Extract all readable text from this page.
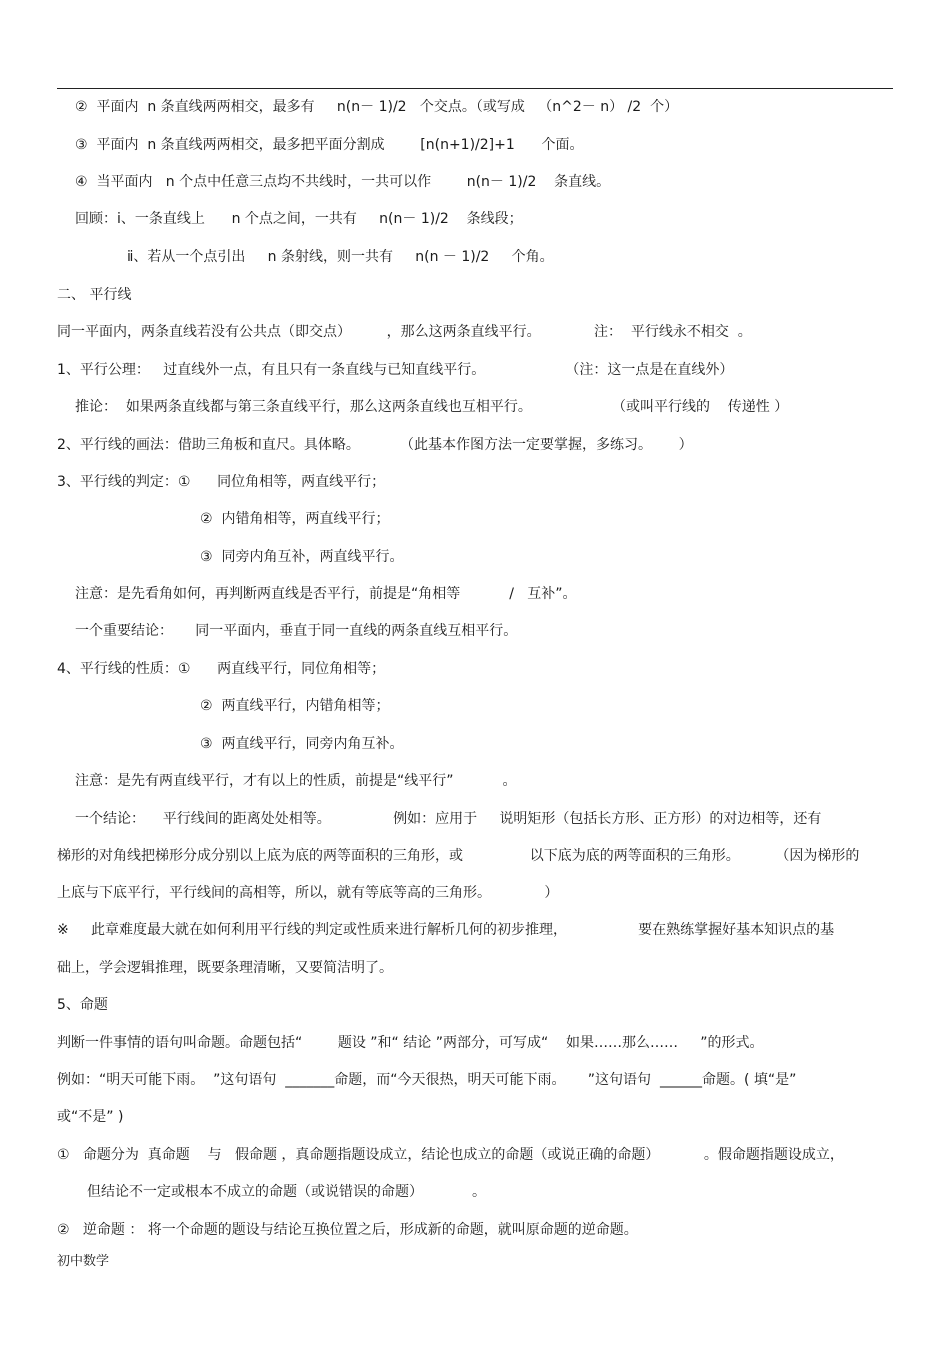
②  平面内  n 条直线两两相交，最多有     n(n－ 1)/2   个交点。（或写成   （n^2－ n） /2  个）
③  平面内  n 条直线两两相交，最多把平面分割成        [n(n+1)/2]+1      个面。
④  当平面内   n 个点中任意三点均不共线时，一共可以作        n(n－ 1)/2    条直线。
回顾：ⅰ、一条直线上      n 个点之间，一共有     n(n－ 1)/2    条线段；
ⅱ、若从一个点引出     n 条射线，则一共有     n(n － 1)/2     个角。
二、 平行线
同一平面内，两条直线若没有公共点（即交点）        ，那么这两条直线平行。            注：  平行线永不相交  。
1、平行公理：   过直线外一点，有且只有一条直线与已知直线平行。                  （注：这一点是在直线外）
推论：  如果两条直线都与第三条直线平行，那么这两条直线也互相平行。                  （或叫平行线的    传递性 ）
2、平行线的画法：借助三角板和直尺。具体略。         （此基本作图方法一定要掌握，多练习。      ）
3、平行线的判定：①      同位角相等，两直线平行；
②  内错角相等，两直线平行；
③  同旁内角互补，两直线平行。
注意：是先看角如何，再判断两直线是否平行，前提是“角相等           /   互补”。
一个重要结论：     同一平面内，垂直于同一直线的两条直线互相平行。
4、平行线的性质：①      两直线平行，同位角相等；
②  两直线平行，内错角相等；
③  两直线平行，同旁内角互补。
注意：是先有两直线平行，才有以上的性质，前提是“线平行”           。
一个结论：    平行线间的距离处处相等。              例如：应用于     说明矩形（包括长方形、正方形）的对边相等，还有
梯形的对角线把梯形分成分别以上底为底的两等面积的三角形，或               以下底为底的两等面积的三角形。        （因为梯形的
上底与下底平行，平行线间的高相等，所以，就有等底等高的三角形。            ）
※     此章难度最大就在如何利用平行线的判定或性质来进行解析几何的初步推理，                要在熟练掌握好基本知识点的基
础上，学会逻辑推理，既要条理清晰，又要简洁明了。
5、命题
判断一件事情的语句叫命题。命题包括“        题设 ”和“ 结论 ”两部分，可写成“    如果……那么……     ”的形式。
例如：“明天可能下雨。  ”这句语句  _______命题，而“今天很热，明天可能下雨。     ”这句语句  ______命题。( 填“是”
或“不是” )
①   命题分为  真命题    与   假命题 ，真命题指题设成立，结论也成立的命题（或说正确的命题）          。假命题指题设成立，
但结论不一定或根本不成立的命题（或说错误的命题）           。
②   逆命题 ： 将一个命题的题设与结论互换位置之后，形成新的命题，就叫原命题的逆命题。
初中数学
